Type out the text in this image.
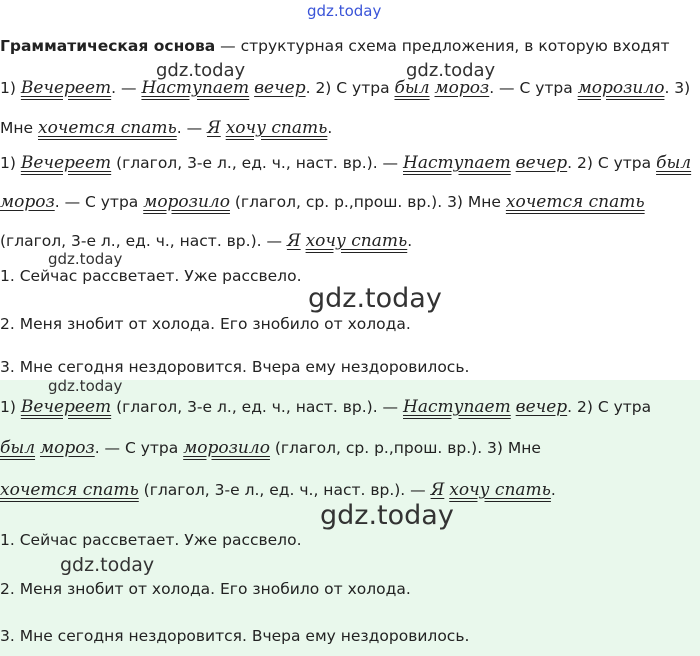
gdz.today
gdz.today	gdz.today
gdz.today
gdz.today
gdz.today
gdz.today
gdz.today
Грамматическая основа — структурная схема предложения, в которую входят
1) Вечереет. — Наступает вечер. 2) С утра был мороз. — С утра морозило. 3)
Мне хочется спать. — Я хочу спать.
1) Вечереет (глагол, 3-е л., ед. ч., наст. вр.). — Наступает вечер. 2) С утра был
мороз. — С утра морозило (глагол, ср. р.,прош. вр.). 3) Мне хочется спать
(глагол, 3-е л., ед. ч., наст. вр.). — Я хочу спать.
1. Сейчас рассветает. Уже рассвело.
2. Меня знобит от холода. Его знобило от холода.
3. Мне сегодня нездоровится. Вчера ему нездоровилось.
1) Вечереет (глагол, 3-е л., ед. ч., наст. вр.). — Наступает вечер. 2) С утра
был мороз. — С утра морозило (глагол, ср. р.,прош. вр.). 3) Мне
хочется спать (глагол, 3-е л., ед. ч., наст. вр.). — Я хочу спать.
1. Сейчас рассветает. Уже рассвело.
2. Меня знобит от холода. Его знобило от холода.
3. Мне сегодня нездоровится. Вчера ему нездоровилось.
